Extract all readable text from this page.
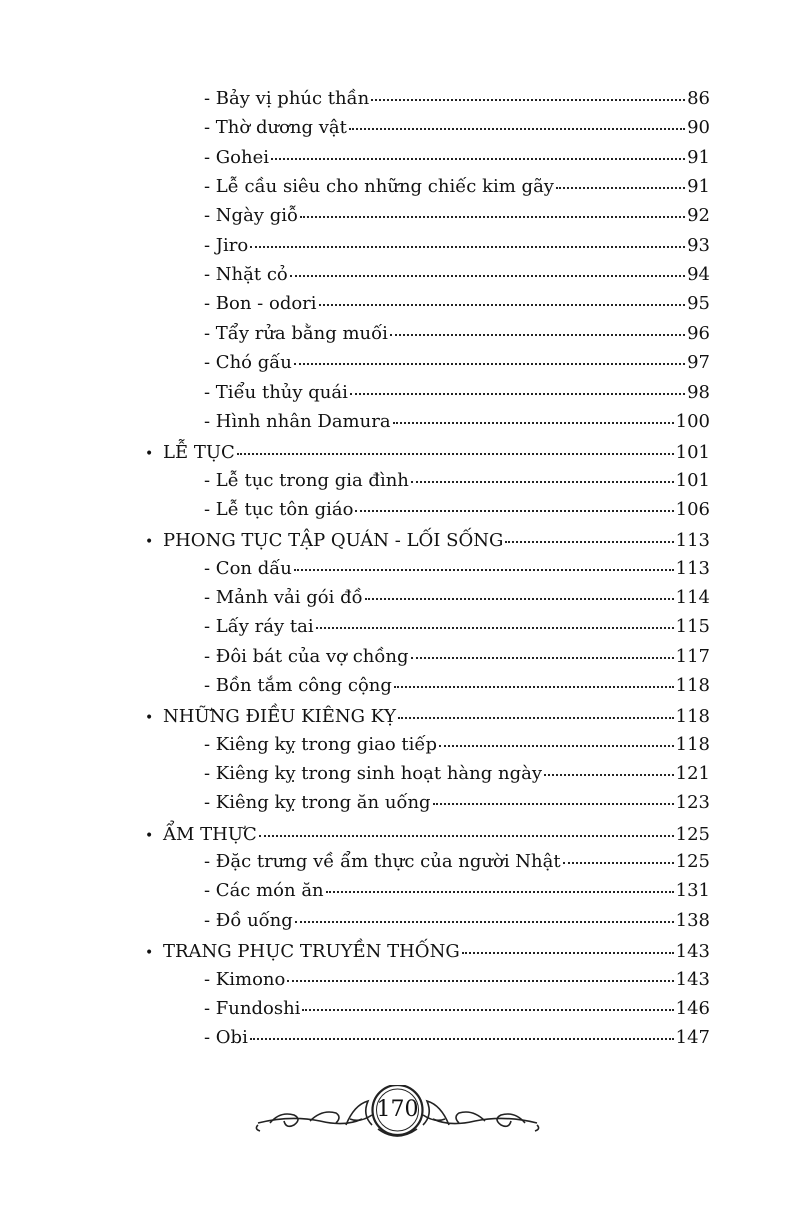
- Bảy vị phúc thần	86
- Thờ dương vật	90
- Gohei	91
- Lễ cầu siêu cho những chiếc kim gãy	91
- Ngày giỗ	92
- Jiro	93
- Nhặt cỏ	94
- Bon - odori	95
- Tẩy rửa bằng muối	96
- Chó gấu	97
- Tiểu thủy quái	98
- Hình nhân Damura	100
• LỄ TỤC	101
- Lễ tục trong gia đình	101
- Lễ tục tôn giáo	106
• PHONG TỤC TẬP QUÁN - LỐI SỐNG	113
- Con dấu	113
- Mảnh vải gói đồ	114
- Lấy ráy tai	115
- Đôi bát của vợ chồng	117
- Bồn tắm công cộng	118
• NHỮNG ĐIỀU KIÊNG KỴ	118
- Kiêng kỵ trong giao tiếp	118
- Kiêng kỵ trong sinh hoạt hàng ngày	121
- Kiêng kỵ trong ăn uống	123
• ẨM THỰC	125
- Đặc trưng về ẩm thực của người Nhật	125
- Các món ăn	131
- Đồ uống	138
• TRANG PHỤC TRUYỀN THỐNG	143
- Kimono	143
- Fundoshi	146
- Obi	147
170
